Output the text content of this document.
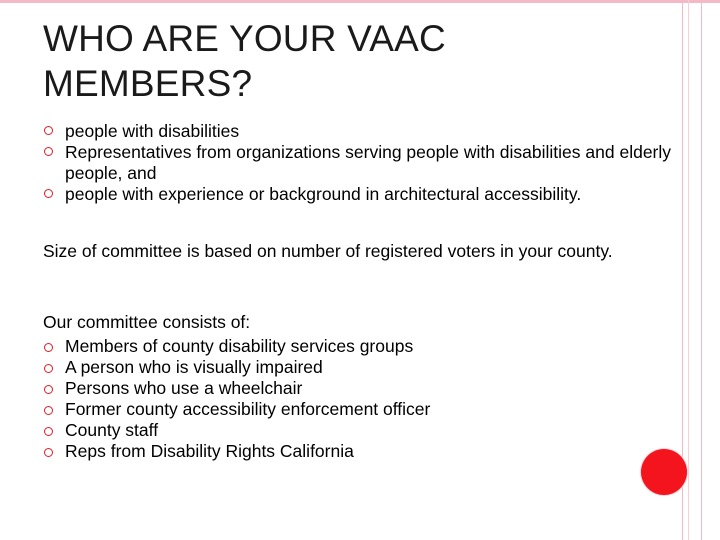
WHO ARE YOUR VAAC MEMBERS?
people with disabilities
Representatives from organizations serving people with disabilities and elderly people, and
people with experience or background in architectural accessibility.

Size of committee is based on number of registered voters in your county.

Our committee consists of:

Members of county disability services groups
A person who is visually impaired
Persons who use a wheelchair
Former county accessibility enforcement officer
County staff
Reps from Disability Rights California
